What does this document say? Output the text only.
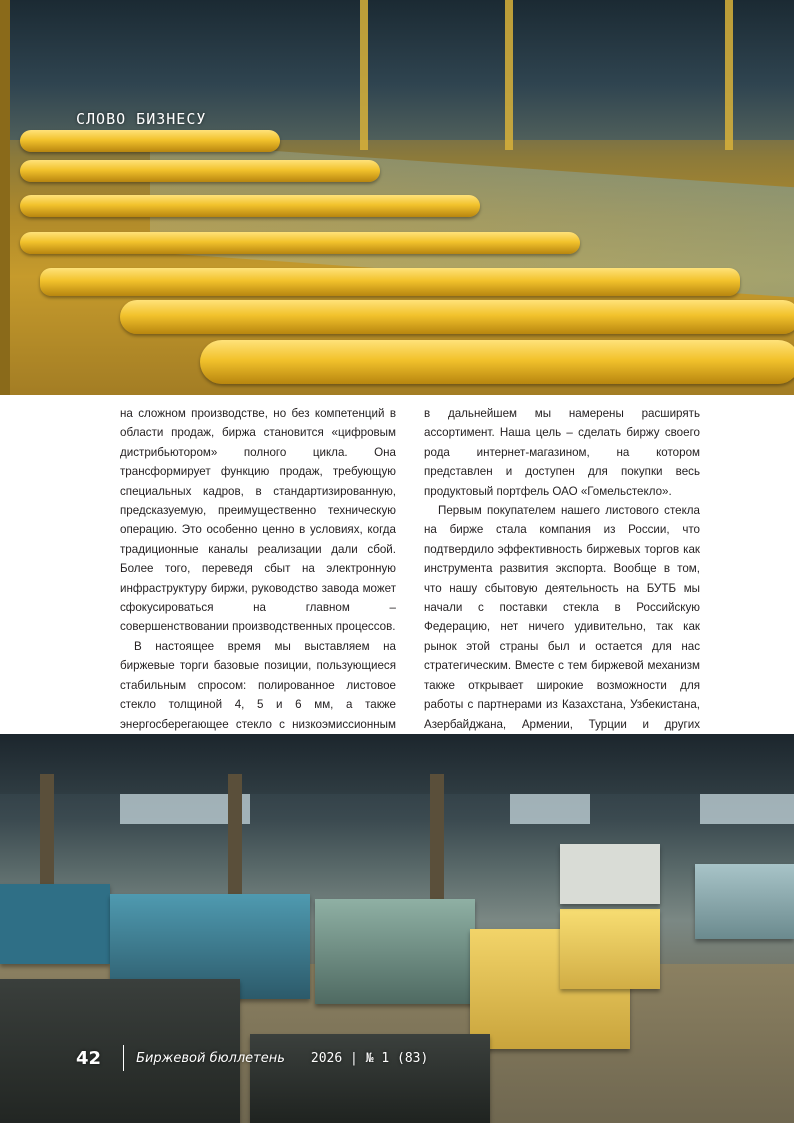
СЛОВО БИЗНЕСУ

на сложном производстве, но без компетенций в области продаж, биржа становится «цифровым дистрибьютором» полного цикла. Она трансформирует функцию продаж, требующую специальных кадров, в стандартизированную, предсказуемую, преимущественно техническую операцию. Это особенно ценно в условиях, когда традиционные каналы реализации дали сбой. Более того, переведя сбыт на электронную инфраструктуру биржи, руководство завода может сфокусироваться на главном – совершенствовании производственных процессов.

В настоящее время мы выставляем на биржевые торги базовые позиции, пользующиеся стабильным спросом: полированное листовое стекло толщиной 4, 5 и 6 мм, а также энергосберегающее стекло с низкоэмиссионным

в дальнейшем мы намерены расширять ассортимент. Наша цель – сделать биржу своего рода интернет-магазином, на котором представлен и доступен для покупки весь продуктовый портфель ОАО «Гомельстекло».

Первым покупателем нашего листового стекла на бирже стала компания из России, что подтвердило эффективность биржевых торгов как инструмента развития экспорта. Вообще в том, что нашу сбытовую деятельность на БУТБ мы начали с поставки стекла в Российскую Федерацию, нет ничего удивительно, так как рынок этой страны был и остается для нас стратегическим. Вместе с тем биржевой механизм также открывает широкие возможности для работы с партнерами из Казахстана, Узбекистана, Азербайджана, Армении, Турции и других

42	Биржевой бюллетень 2026 | № 1 (83)
